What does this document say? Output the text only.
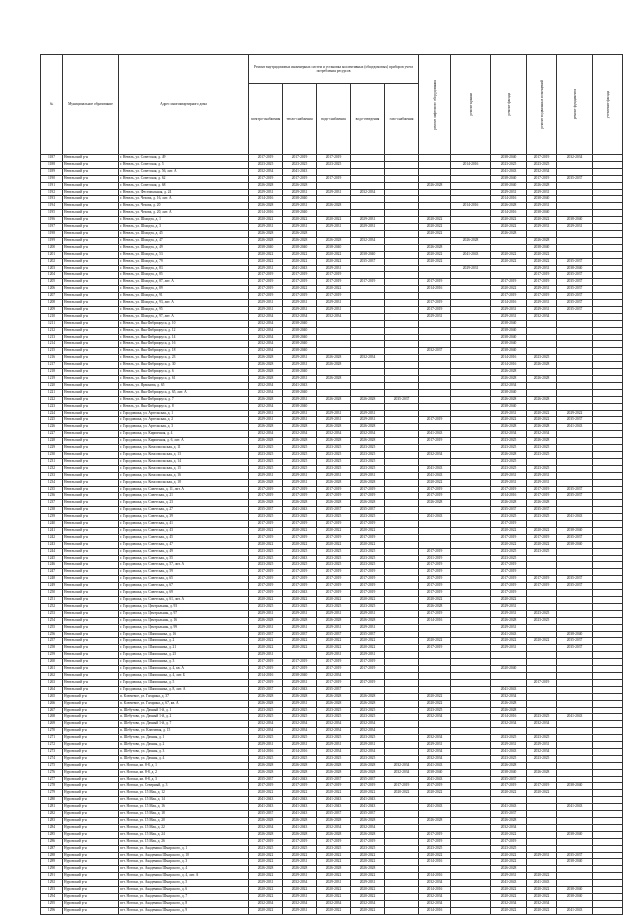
№	Муниципальное образование	Адрес многоквартирного дома	Ремонт внутридомовых инженерных систем и установка коллективных (общедомовых) приборов учета потребления ресурсов					ремонт лифтового оборудования	ремонт крыши	ремонт фасада	ремонт подвальных помещений	ремонт фундамента	утепление фасада

			электро-снабжения	тепло-снабжения	водо-снабжения	водо-отведения	газо-снабжения						
1187	Невельский р-н	г. Невель, ул. Советская, д. 49	2017-2019	2017-2019	2017-2019					2038-2040	2017-2019	2032-2034	
1188	Невельский р-н	г. Невель, ул. Советская, д. 5	2023-2025	2023-2025	2023-2025				2014-2016	2023-2025	2023-2025		
1189	Невельский р-н	г. Невель, ул. Советская, д. 56, лит. А	2032-2034	2041-2043						2041-2043	2032-2034		
1190	Невельский р-н	г. Невель, ул. Советская, д. 62	2017-2019	2017-2019	2017-2019					2038-2040	2017-2019	2035-2037	
1191	Невельский р-н	г. Невель, ул. Советская, д. 68	2026-2028	2026-2028				2026-2028		2038-2040	2026-2028		
1192	Невельский р-н	г. Невель, ул. Фестивальная, д. 24	2029-2031	2029-2031	2029-2031	2032-2034				2029-2031	2029-2031		
1193	Невельский р-н	г. Невель, ул. Чехова, д. 16, лит. А	2014-2016	2038-2040						2014-2016	2038-2040		
1194	Невельский р-н	г. Невель, ул. Чехова, д. 20	2026-2028	2029-2031	2026-2028				2014-2016	2026-2028	2029-2031		
1195	Невельский р-н	г. Невель, ул. Чехова, д. 20, лит. А	2014-2016	2038-2040						2014-2016	2038-2040		
1196	Невельский р-н	г. Невель, ул. Шмидта, д. 1	2020-2022	2020-2022	2020-2022	2029-2031		2020-2022		2020-2022	2020-2022	2038-2040	
1197	Невельский р-н	г. Невель, ул. Шмидта, д. 3	2029-2031	2029-2031	2029-2031	2029-2031		2020-2022		2020-2022	2029-2031	2029-2031	
1198	Невельский р-н	г. Невель, ул. Шмидта, д. 45	2026-2028	2026-2028				2020-2022		2026-2028			
1199	Невельский р-н	г. Невель, ул. Шмидта, д. 47	2026-2028	2026-2028	2026-2028	2032-2034			2026-2028		2026-2028		
1200	Невельский р-н	г. Невель, ул. Шмидта, д. 49	2038-2040	2038-2040	2038-2040			2026-2028			2038-2040		
1201	Невельский р-н	г. Невель, ул. Шмидта, д. 53	2020-2022	2020-2022	2020-2022	2038-2040		2020-2022	2041-2043	2020-2022	2020-2022		
1202	Невельский р-н	г. Невель, ул. Шмидта, д. 79	2020-2022	2020-2022	2020-2022	2035-2037		2020-2022		2020-2022	2020-2022	2035-2037	
1203	Невельский р-н	г. Невель, ул. Шмидта, д. 83	2029-2031	2041-2043	2029-2031				2029-2031		2029-2031	2038-2040	
1204	Невельский р-н	г. Невель, ул. Шмидта, д. 85	2017-2019	2017-2019	2017-2019						2017-2019	2035-2037	
1205	Невельский р-н	г. Невель, ул. Шмидта, д. 87, лит. А	2017-2019	2017-2019	2017-2019	2017-2019		2017-2019		2017-2019	2017-2019	2035-2037	
1206	Невельский р-н	г. Невель, ул. Шмидта, д. 89	2017-2019	2020-2022	2020-2022			2014-2016		2020-2022	2029-2031	2035-2037	
1207	Невельский р-н	г. Невель, ул. Шмидта, д. 91	2017-2019	2017-2019	2017-2019					2017-2019	2017-2019	2035-2037	
1208	Невельский р-н	г. Невель, ул. Шмидта, д. 93, лит. А	2029-2031	2029-2031	2029-2031			2017-2019		2014-2016	2029-2031	2035-2037	
1209	Невельский р-н	г. Невель, ул. Шмидта, д. 95	2029-2031	2029-2031	2029-2031			2017-2019		2029-2031	2029-2031	2035-2037	
1210	Невельский р-н	г. Невель, ул. Шмидта, д. 97, лит. А	2032-2034	2032-2034	2032-2034			2029-2031		2029-2031	2032-2034		
1211	Невельский р-н	г. Невель, ул. Яна Фабрициуса, д. 10	2032-2034	2038-2040						2038-2040			
1212	Невельский р-н	г. Невель, ул. Яна Фабрициуса, д. 12	2032-2034	2038-2040						2038-2040			
1213	Невельский р-н	г. Невель, ул. Яна Фабрициуса, д. 14	2032-2034	2038-2040						2038-2040			
1214	Невельский р-н	г. Невель, ул. Яна Фабрициуса, д. 16	2032-2034	2038-2040						2038-2040			
1215	Невельский р-н	г. Невель, ул. Яна Фабрициуса, д. 18	2032-2034	2038-2040				2032-2037		2038-2040			
1216	Невельский р-н	г. Невель, ул. Яна Фабрициуса, д. 23	2026-2028	2029-2031	2026-2028	2032-2034				2014-2016	2023-2025		
1217	Невельский р-н	г. Невель, ул. Яна Фабрициуса, д. 30	2026-2028	2029-2031	2026-2028					2014-2016	2026-2028		
1218	Невельский р-н	г. Невель, ул. Яна Фабрициуса, д. 6	2026-2028	2038-2040						2026-2028			
1219	Невельский р-н	г. Невель, ул. Яна Фабрициуса, д. 61	2026-2028	2029-2031	2026-2028					2026-2028	2026-2028		
1220	Невельский р-н	г. Невель, ул. Ярвонова, д. 65	2032-2034	2041-2043						2032-2034			
1221	Невельский р-н	г. Невель, ул. Яна Фабрициуса, д. 65, лит. А	2032-2034	2038-2040						2038-2040			
1222	Невельский р-н	г. Невель, ул. Яна Фабрициуса, д. 7	2026-2028	2029-2031	2026-2028	2026-2028	2035-2037			2026-2028	2026-2028		
1223	Невельский р-н	г. Невель, ул. Яна Фабрициуса, д. 8	2032-2034	2038-2040						2038-2040			
1224	Невельский р-н	г. Городовшка, ул. Артельская, д. 1	2029-2031	2029-2031	2029-2031	2029-2031				2029-2031	2020-2022	2029-2022	
1225	Невельский р-н	г. Городовшка, ул. Артельская, д. 2	2029-2031	2029-2031	2029-2031	2029-2031		2017-2019		2020-2022	2020-2022	2035-2037	
1226	Невельский р-н	г. Городовшка, ул. Артельская, д. 3	2026-2028	2026-2028	2026-2028	2026-2028				2026-2028	2026-2028	2041-2043	
1227	Невельский р-н	г. Городовшка, ул. Кирпичная, д. 4	2032-2034	2032-2034	2032-2034	2032-2034		2041-2043		2032-2034	2032-2034		
1228	Невельский р-н	г. Городовшка, ул. Кирпичная, д. 6, лит. А	2026-2028	2026-2028	2026-2028	2026-2028		2017-2019		2023-2025	2026-2028		
1229	Невельский р-н	г. Городовшка, ул. Комсомольская, д. 11	2023-2025	2023-2025	2023-2025	2023-2025				2023-2025	2023-2025		
1230	Невельский р-н	г. Городовшка, ул. Комсомольская, д. 13	2023-2025	2023-2025	2023-2025	2023-2025		2032-2034		2026-2028	2023-2025		
1231	Невельский р-н	г. Городовшка, ул. Комсомольская, д. 14	2023-2025	2023-2025	2023-2025	2023-2025				2023-2025			
1232	Невельский р-н	г. Городовшка, ул. Комсомольская, д. 15	2023-2025	2023-2025	2023-2025	2023-2025		2041-2043		2023-2025	2023-2025		
1233	Невельский р-н	г. Городовшка, ул. Комсомольская, д. 16	2029-2031	2029-2031	2029-2031	2029-2031		2041-2043		2029-2031	2029-2031		
1234	Невельский р-н	г. Городовшка, ул. Комсомольская, д. 18	2026-2028	2029-2031	2026-2028	2026-2028		2020-2022		2029-2031	2029-2031		
1235	Невельский р-н	г. Городовшка, ул. Советская, д. 11, лит. А	2017-2019	2017-2019	2017-2019	2017-2019		2017-2019		2017-2019	2017-2019	2035-2037	
1236	Невельский р-н	г. Городовшка, ул. Советская, д. 21	2017-2019	2017-2019	2017-2019	2017-2019		2017-2019		2014-2016	2017-2019	2035-2037	
1237	Невельский р-н	г. Городовшка, ул. Советская, д. 23	2026-2028	2026-2028	2026-2028	2026-2028		2026-2028		2026-2028	2026-2028		
1238	Невельский р-н	г. Городовшка, ул. Советская, д. 27	2035-2037	2041-2043	2035-2037	2035-2037				2035-2037	2035-2037		
1239	Невельский р-н	г. Городовшка, ул. Советская, д. 39	2023-2025	2023-2025	2023-2025	2023-2025		2041-2043		2023-2025	2023-2025	2041-2043	
1240	Невельский р-н	г. Городовшка, ул. Советская, д. 41	2017-2019	2017-2019	2017-2019	2017-2019				2017-2019			
1241	Невельский р-н	г. Городовшка, ул. Советская, д. 43	2020-2022	2020-2022	2020-2022	2020-2022				2020-2022	2020-2022	2038-2040	
1242	Невельский р-н	г. Городовшка, ул. Советская, д. 45	2017-2019	2017-2019	2017-2019	2017-2019				2017-2019	2017-2019	2035-2037	
1243	Невельский р-н	г. Городовшка, ул. Советская, д. 47	2020-2022	2020-2022	2020-2022	2020-2022				2020-2022	2020-2022	2038-2040	
1244	Невельский р-н	г. Городовшка, ул. Советская, д. 49	2023-2025	2023-2025	2023-2025	2023-2025		2017-2019		2023-2025	2023-2025		
1245	Невельский р-н	г. Городовшка, ул. Советская, д. 55	2023-2025	2041-2043	2023-2025	2023-2025		2011-2019		2023-2025			
1246	Невельский р-н	г. Городовшка, ул. Советская, д. 57, лит. А	2023-2025	2023-2025	2023-2025	2023-2025		2017-2019		2017-2019			
1247	Невельский р-н	г. Городовшка, ул. Советская, д. 59	2017-2019	2017-2019	2017-2019	2017-2019		2017-2019		2017-2019			
1248	Невельский р-н	г. Городовшка, ул. Советская, д. 65	2017-2019	2017-2019	2017-2019	2017-2019		2017-2019		2017-2019	2017-2019	2035-2037	
1249	Невельский р-н	г. Городовшка, ул. Советская, д. 67	2017-2019	2017-2019	2017-2019	2017-2019		2017-2019		2017-2019	2017-2019	2035-2037	
1250	Невельский р-н	г. Городовшка, ул. Советская, д. 69	2017-2019	2041-2043	2017-2019	2017-2019		2017-2019		2017-2019			
1251	Невельский р-н	г. Городовшка, ул. Советская, д. 61, лит. А	2020-2022	2020-2022	2020-2022	2020-2022		2020-2022		2020-2022			
1252	Невельский р-н	г. Городовшка, ул. Центральная, д. 93	2023-2025	2023-2025	2023-2025	2023-2025		2026-2028		2029-2031			
1253	Невельский р-н	г. Городовшка, ул. Центральная, д. 97	2029-2031	2029-2031	2029-2031	2029-2031		2017-2019		2029-2031	2023-2025		
1254	Невельский р-н	г. Городовшка, ул. Центральная, д. 16	2026-2028	2026-2028	2026-2028	2026-2028		2014-2016		2026-2028	2023-2025		
1255	Невельский р-н	г. Городовшка, ул. Центральная, д. 99	2029-2031	2029-2031	2029-2031	2029-2031				2029-2031			
1256	Невельский р-н	г. Городовшка, ул. Шапошника, д. 16	2035-2037	2035-2037	2035-2037	2035-2037				2041-2043		2038-2040	
1257	Невельский р-н	г. Городовшка, ул. Шапошника, д. 2	2020-2022	2020-2022	2020-2022	2020-2022		2020-2022		2020-2022	2020-2022	2035-2037	
1258	Невельский р-н	г. Городовшка, ул. Шапошника, д. 21	2020-2022	2020-2022	2020-2022	2020-2022		2017-2019		2029-2031		2035-2037	
1259	Невельский р-н	г. Городовшка, ул. Шапошника, д. 25	2029-2031		2029-2031	2029-2031							
1260	Невельский р-н	г. Городовшка, ул. Шапошника, д. 3	2017-2019	2017-2019	2017-2019	2017-2019							
1261	Невельский р-н	г. Городовшка, ул. Шапошника, д. 4, кв. А	2017-2019	2017-2019	2017-2019	2017-2019				2020-2040			
1262	Невельский р-н	г. Городовшка, ул. Шапошника, д. 4, лит. Б	2014-2016	2038-2040	2032-2034								
1263	Невельский р-н	г. Городовшка, ул. Шапошника, д. 5	2017-2019	2029-2031	2017-2019	2017-2019					2017-2019		
1264	Невельский р-н	г. Городовшка, ул. Шапошника, д. 8, лит. А	2035-2037	2041-2043	2035-2037					2041-2043			
1265	Нуровский р-н	п. Ключевое, ул. Гагарина, д. 37	2026-2028	2026-2028	2026-2028	2026-2028		2020-2022		2032-2034			
1266	Нуровский р-н	п. Ключевое, ул. Гагарина, д. 67, кв. А	2026-2028	2029-2031	2026-2028	2026-2028		2020-2022		2026-2028			
1267	Нуровский р-н	п. Шебутово, ул. Дачный 1-й, д. 1	2023-2025	2023-2025	2023-2025	2023-2025		2023-2025		2026-2028			
1268	Нуровский р-н	п. Шебутово, ул. Дачный 1-й, д. 2	2023-2025	2023-2025	2023-2025	2023-2025		2032-2034		2014-2016	2023-2025	2041-2043	
1269	Нуровский р-н	п. Шебутово, ул. Дачный 1-й, д. 7	2032-2034	2032-2034	2032-2034	2032-2034				2032-2034	2032-2034		
1270	Нуровский р-н	п. Шебутово, ул. Ключевая, д. 15	2032-2034	2032-2034	2032-2034	2032-2034							
1271	Нуровский р-н	п. Шебутово, ул. Дачная, д. 1	2023-2025	2023-2025	2023-2025	2023-2025		2032-2034		2023-2025	2023-2025		
1272	Нуровский р-н	п. Шебутово, ул. Дачная, д. 2	2029-2031	2029-2031	2029-2031	2029-2031		2029-2031		2029-2031	2029-2031		
1273	Нуровский р-н	п. Шебутово, ул. Дачная, д. 3	2014-2016	2014-2016	2032-2034	2032-2034		2032-2034		2041-2043	2032-2034		
1274	Нуровский р-н	п. Шебутово, ул. Дачная, д. 4	2023-2025	2023-2025	2023-2025	2023-2025		2032-2034		2023-2025	2023-2025		
1275	Нуровский р-н	пгт. Нотоки, кв. 8-8, д. 1	2026-2028	2026-2028	2026-2028	2026-2028	2032-2034	2041-2043		2026-2028			
1276	Нуровский р-н	пгт. Нотоки, кв. 8-8, д. 2	2026-2028	2026-2028	2026-2028	2026-2028	2032-2034	2038-2040		2038-2040	2026-2028		
1277	Нуровский р-н	пгт. Нотоки, кв. 8-8, д. 3	2035-2037	2041-2043	2035-2037	2035-2037		2041-2043		2035-2037			
1278	Нуровский р-н	пгт. Нотоки, ул. Северный, д. 3	2017-2019	2017-2019	2017-2019	2017-2019	2017-2019	2017-2019		2017-2019	2017-2019	2038-2040	
1279	Нуровский р-н	пгт. Нотоки, ул. 15 Мая, д. 12	2020-2022	2020-2022	2020-2022	2020-2022	2020-2022	2020-2022		2020-2022	2020-2022		
1280	Нуровский р-н	пгт. Нотоки, ул. 15 Мая, д. 14	2041-2043	2041-2043	2041-2043	2041-2043							
1281	Нуровский р-н	пгт. Нотоки, ул. 15 Мая, д. 16	2041-2043	2041-2043	2041-2043	2041-2043		2041-2043		2041-2043		2041-2043	
1282	Нуровский р-н	пгт. Нотоки, ул. 15 Мая, д. 18	2035-2037	2041-2043	2035-2037	2035-2037				2035-2037			
1283	Нуровский р-н	пгт. Нотоки, ул. 15 Мая, д. 20	2026-2028	2026-2028	2026-2028	2026-2028		2026-2028		2026-2028			
1284	Нуровский р-н	пгт. Нотоки, ул. 15 Мая, д. 22	2032-2034	2041-2043	2032-2034	2032-2034				2032-2034			
1285	Нуровский р-н	пгт. Нотоки, ул. 15 Мая, д. 24	2026-2028	2026-2028	2026-2028	2026-2028		2017-2019		2020-2022		2038-2040	
1286	Нуровский р-н	пгт. Нотоки, ул. 15 Мая, д. 26	2017-2019	2017-2019	2017-2019	2017-2019		2017-2019		2017-2019			
1287	Нуровский р-н	пгт. Нотоки, ул. Академика Шмарского, д. 1	2023-2025	2023-2025	2023-2025	2023-2025		2023-2025		2023-2025			
1288	Нуровский р-н	пгт. Нотоки, ул. Академика Шмарского, д. 10	2020-2022	2020-2022	2020-2022	2020-2022		2020-2022		2020-2022	2029-2031	2035-2037	
1289	Нуровский р-н	пгт. Нотоки, ул. Академика Шмарского, д. 3	2020-2022	2029-2031	2020-2022	2020-2022		2014-2016		2020-2022		2038-2040	
1290	Нуровский р-н	пгт. Нотоки, ул. Академика Шмарского, д. 4	2026-2028	2026-2028	2026-2028	2026-2028				2026-2028			
1291	Нуровский р-н	пгт. Нотоки, ул. Академика Шмарского, д. 4, лит. А	2020-2022	2029-2031	2020-2022	2020-2022		2014-2016		2029-2031	2020-2022		
1292	Нуровский р-н	пгт. Нотоки, ул. Академика Шмарского, д. 5	2029-2031	2032-2034	2029-2031	2029-2031		2032-2034		2041-2043	2041-2043		
1293	Нуровский р-н	пгт. Нотоки, ул. Академика Шмарского, д. 6	2020-2022	2020-2022	2020-2022	2020-2022		2014-2016		2020-2022	2020-2022	2038-2040	
1294	Нуровский р-н	пгт. Нотоки, ул. Академика Шмарского, д. 7	2020-2022	2029-2031	2020-2022	2020-2022		2032-2034		2020-2022	2020-2022	2038-2040	
1295	Нуровский р-н	пгт. Нотоки, ул. Академика Шмарского, д. 8	2032-2034	2032-2034	2032-2034	2032-2034		2032-2034		2032-2034	2032-2034		
1296	Нуровский р-н	пгт. Нотоки, ул. Академика Шмарского, д. 9	2020-2022	2029-2031	2020-2022	2020-2022		2014-2016		2020-2022	2020-2022	2041-2043	
